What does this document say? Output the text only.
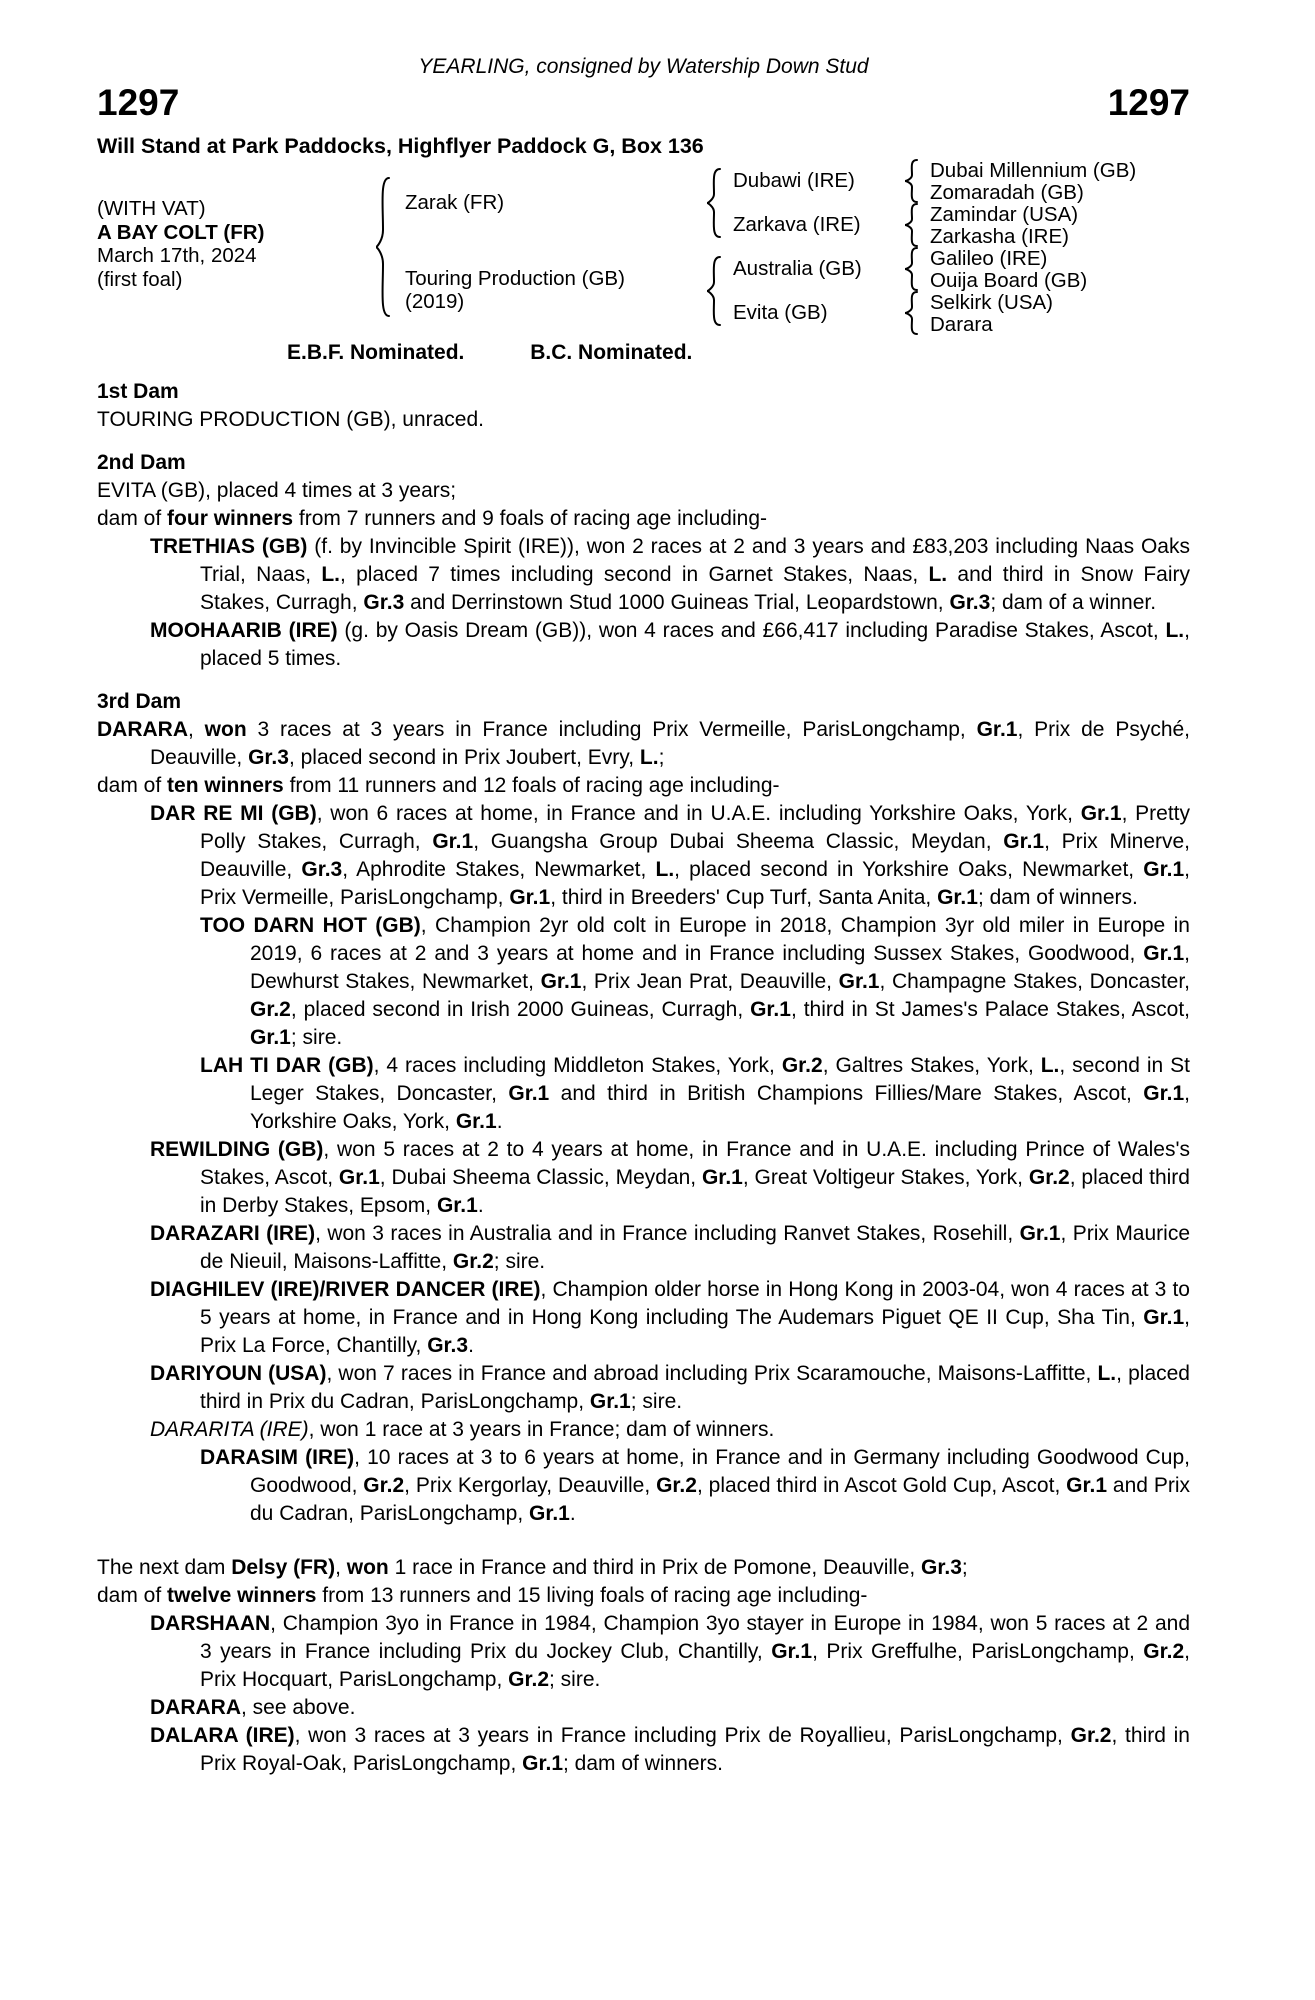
YEARLING, consigned by Watership Down Stud
1297	1297
Will Stand at Park Paddocks, Highflyer Paddock G, Box 136
(WITH VAT)
A BAY COLT (FR)
March 17th, 2024
(first foal)
Zarak (FR)
Touring Production (GB)
(2019)
Dubawi (IRE)
Zarkava (IRE)
Australia (GB)
Evita (GB)
Dubai Millennium (GB)
Zomaradah (GB)
Zamindar (USA)
Zarkasha (IRE)
Galileo (IRE)
Ouija Board (GB)
Selkirk (USA)
Darara
E.B.F. Nominated.	B.C. Nominated.
1st Dam
TOURING PRODUCTION (GB), unraced.
2nd Dam
EVITA (GB), placed 4 times at 3 years;
dam of four winners from 7 runners and 9 foals of racing age including-
TRETHIAS (GB) (f. by Invincible Spirit (IRE)), won 2 races at 2 and 3 years and £83,203 including Naas Oaks Trial, Naas, L., placed 7 times including second in Garnet Stakes, Naas, L. and third in Snow Fairy Stakes, Curragh, Gr.3 and Derrinstown Stud 1000 Guineas Trial, Leopardstown, Gr.3; dam of a winner.
MOOHAARIB (IRE) (g. by Oasis Dream (GB)), won 4 races and £66,417 including Paradise Stakes, Ascot, L., placed 5 times.
3rd Dam
DARARA, won 3 races at 3 years in France including Prix Vermeille, ParisLongchamp, Gr.1, Prix de Psyché, Deauville, Gr.3, placed second in Prix Joubert, Evry, L.;
dam of ten winners from 11 runners and 12 foals of racing age including-
DAR RE MI (GB), won 6 races at home, in France and in U.A.E. including Yorkshire Oaks, York, Gr.1, Pretty Polly Stakes, Curragh, Gr.1, Guangsha Group Dubai Sheema Classic, Meydan, Gr.1, Prix Minerve, Deauville, Gr.3, Aphrodite Stakes, Newmarket, L., placed second in Yorkshire Oaks, Newmarket, Gr.1, Prix Vermeille, ParisLongchamp, Gr.1, third in Breeders' Cup Turf, Santa Anita, Gr.1; dam of winners.
TOO DARN HOT (GB), Champion 2yr old colt in Europe in 2018, Champion 3yr old miler in Europe in 2019, 6 races at 2 and 3 years at home and in France including Sussex Stakes, Goodwood, Gr.1, Dewhurst Stakes, Newmarket, Gr.1, Prix Jean Prat, Deauville, Gr.1, Champagne Stakes, Doncaster, Gr.2, placed second in Irish 2000 Guineas, Curragh, Gr.1, third in St James's Palace Stakes, Ascot, Gr.1; sire.
LAH TI DAR (GB), 4 races including Middleton Stakes, York, Gr.2, Galtres Stakes, York, L., second in St Leger Stakes, Doncaster, Gr.1 and third in British Champions Fillies/Mare Stakes, Ascot, Gr.1, Yorkshire Oaks, York, Gr.1.
REWILDING (GB), won 5 races at 2 to 4 years at home, in France and in U.A.E. including Prince of Wales's Stakes, Ascot, Gr.1, Dubai Sheema Classic, Meydan, Gr.1, Great Voltigeur Stakes, York, Gr.2, placed third in Derby Stakes, Epsom, Gr.1.
DARAZARI (IRE), won 3 races in Australia and in France including Ranvet Stakes, Rosehill, Gr.1, Prix Maurice de Nieuil, Maisons-Laffitte, Gr.2; sire.
DIAGHILEV (IRE)/RIVER DANCER (IRE), Champion older horse in Hong Kong in 2003-04, won 4 races at 3 to 5 years at home, in France and in Hong Kong including The Audemars Piguet QE II Cup, Sha Tin, Gr.1, Prix La Force, Chantilly, Gr.3.
DARIYOUN (USA), won 7 races in France and abroad including Prix Scaramouche, Maisons-Laffitte, L., placed third in Prix du Cadran, ParisLongchamp, Gr.1; sire.
DARARITA (IRE), won 1 race at 3 years in France; dam of winners.
DARASIM (IRE), 10 races at 3 to 6 years at home, in France and in Germany including Goodwood Cup, Goodwood, Gr.2, Prix Kergorlay, Deauville, Gr.2, placed third in Ascot Gold Cup, Ascot, Gr.1 and Prix du Cadran, ParisLongchamp, Gr.1.
The next dam Delsy (FR), won 1 race in France and third in Prix de Pomone, Deauville, Gr.3;
dam of twelve winners from 13 runners and 15 living foals of racing age including-
DARSHAAN, Champion 3yo in France in 1984, Champion 3yo stayer in Europe in 1984, won 5 races at 2 and 3 years in France including Prix du Jockey Club, Chantilly, Gr.1, Prix Greffulhe, ParisLongchamp, Gr.2, Prix Hocquart, ParisLongchamp, Gr.2; sire.
DARARA, see above.
DALARA (IRE), won 3 races at 3 years in France including Prix de Royallieu, ParisLongchamp, Gr.2, third in Prix Royal-Oak, ParisLongchamp, Gr.1; dam of winners.
